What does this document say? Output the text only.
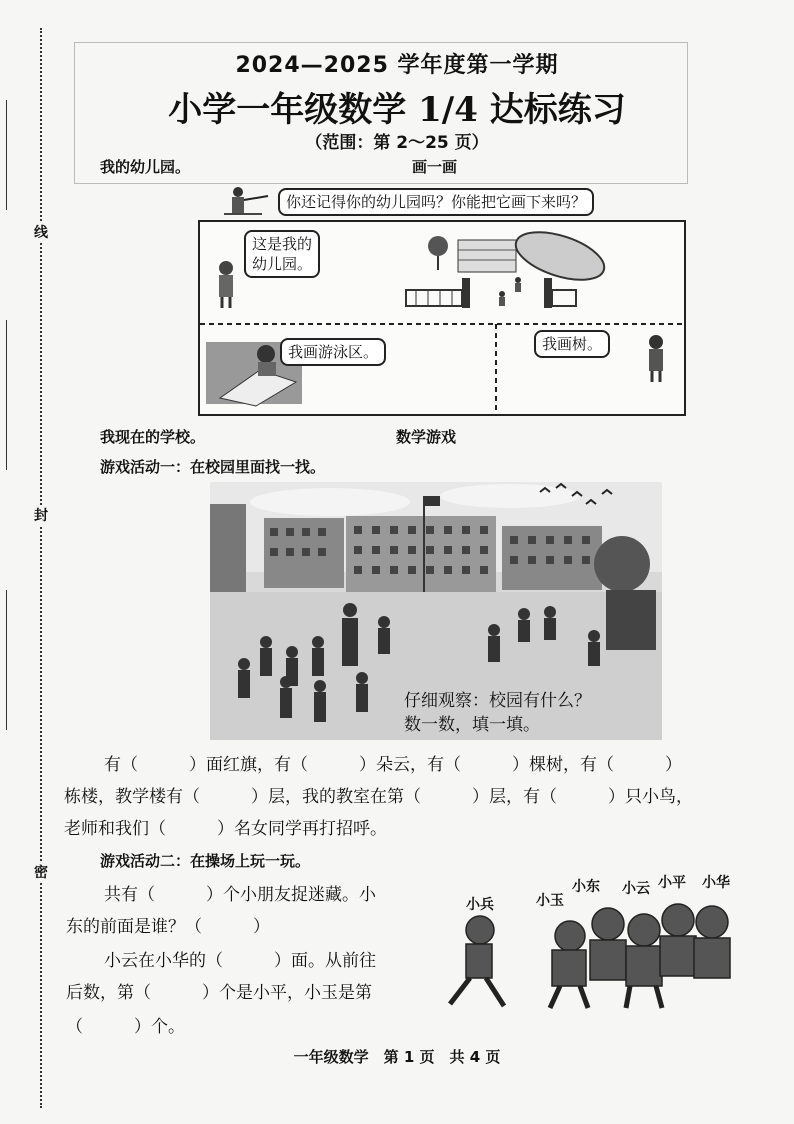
线
封
密
2024—2025 学年度第一学期
小学一年级数学 1/4 达标练习
（范围：第 2～25 页）
我的幼儿园。	画一画
你还记得你的幼儿园吗？你能把它画下来吗？
这是我的
幼儿园。
我画游泳区。	我画树。
我现在的学校。	数学游戏
游戏活动一：在校园里面找一找。
仔细观察：校园有什么？
数一数，填一填。
有（　　　）面红旗，有（　　　）朵云，有（　　　）棵树，有（　　　）
栋楼，教学楼有（　　　）层，我的教室在第（　　　）层，有（　　　）只小鸟，
老师和我们（　　　）名女同学再打招呼。
游戏活动二：在操场上玩一玩。
共有（　　　）个小朋友捉迷藏。小
东的前面是谁？（　　　）
小云在小华的（　　　）面。从前往
后数，第（　　　）个是小平，小玉是第
（　　　）个。
小兵	小玉
小东 小云 小平 小华
一年级数学　第 1 页　共 4 页
